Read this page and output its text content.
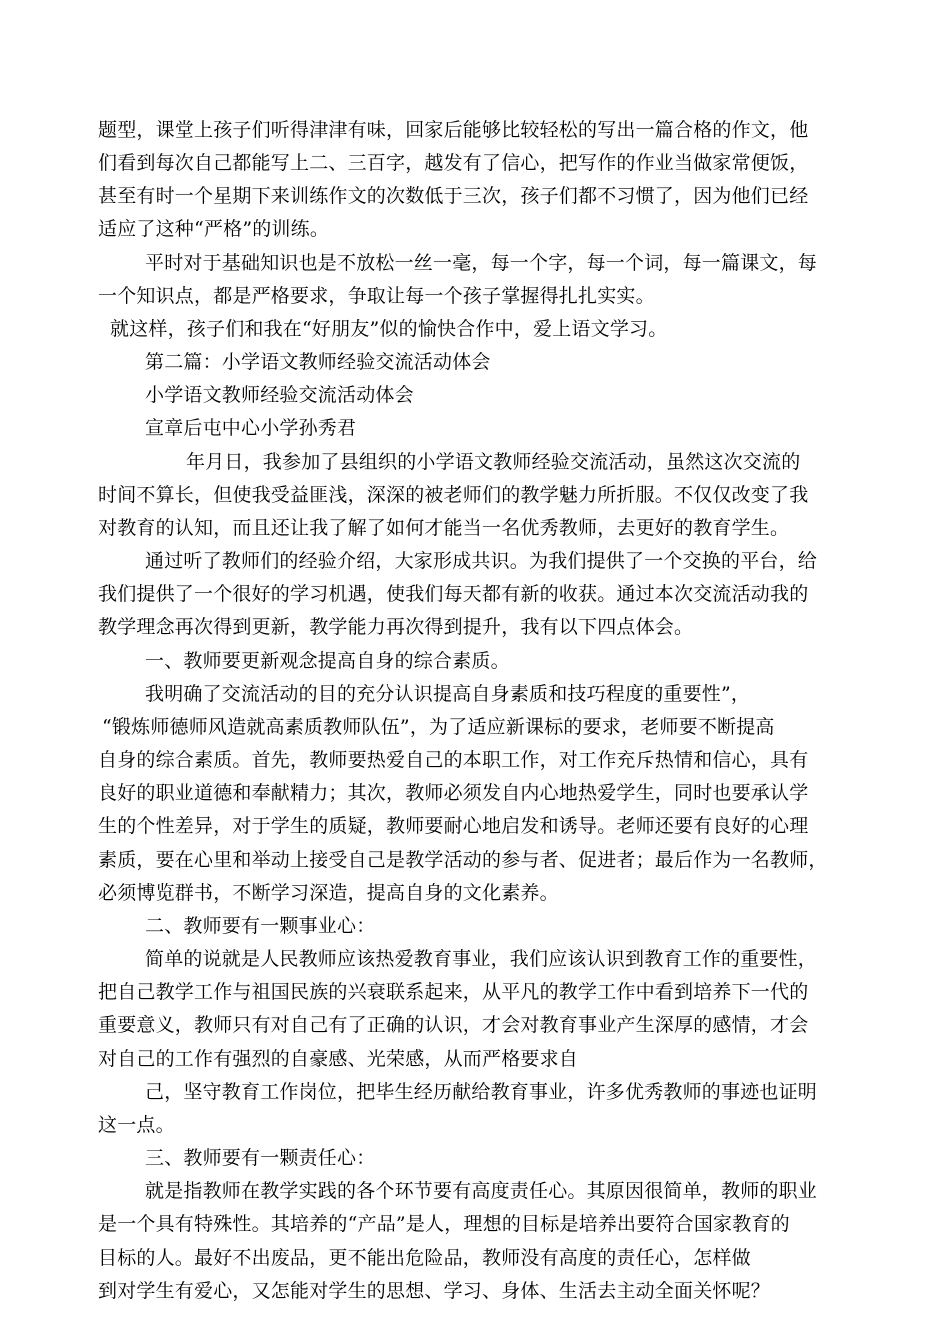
题型，课堂上孩子们听得津津有味，回家后能够比较轻松的写出一篇合格的作文，他
们看到每次自己都能写上二、三百字，越发有了信心，把写作的作业当做家常便饭，
甚至有时一个星期下来训练作文的次数低于三次，孩子们都不习惯了，因为他们已经
适应了这种“严格”的训练。
平时对于基础知识也是不放松一丝一毫，每一个字，每一个词，每一篇课文，每
一个知识点，都是严格要求，争取让每一个孩子掌握得扎扎实实。
就这样，孩子们和我在“好朋友”似的愉快合作中，爱上语文学习。
第二篇：小学语文教师经验交流活动体会
小学语文教师经验交流活动体会
宣章后屯中心小学孙秀君
年月日，我参加了县组织的小学语文教师经验交流活动，虽然这次交流的
时间不算长，但使我受益匪浅，深深的被老师们的教学魅力所折服。不仅仅改变了我
对教育的认知，而且还让我了解了如何才能当一名优秀教师，去更好的教育学生。
通过听了教师们的经验介绍，大家形成共识。为我们提供了一个交换的平台，给
我们提供了一个很好的学习机遇，使我们每天都有新的收获。通过本次交流活动我的
教学理念再次得到更新，教学能力再次得到提升，我有以下四点体会。
一、教师要更新观念提高自身的综合素质。
我明确了交流活动的目的充分认识提高自身素质和技巧程度的重要性”，
“锻炼师德师风造就高素质教师队伍”，为了适应新课标的要求，老师要不断提高
自身的综合素质。首先，教师要热爱自己的本职工作，对工作充斥热情和信心，具有
良好的职业道德和奉献精力；其次，教师必须发自内心地热爱学生，同时也要承认学
生的个性差异，对于学生的质疑，教师要耐心地启发和诱导。老师还要有良好的心理
素质，要在心里和举动上接受自己是教学活动的参与者、促进者；最后作为一名教师，
必须博览群书，不断学习深造，提高自身的文化素养。
二、教师要有一颗事业心：
简单的说就是人民教师应该热爱教育事业，我们应该认识到教育工作的重要性，
把自己教学工作与祖国民族的兴衰联系起来，从平凡的教学工作中看到培养下一代的
重要意义，教师只有对自己有了正确的认识，才会对教育事业产生深厚的感情，才会
对自己的工作有强烈的自豪感、光荣感，从而严格要求自
己，坚守教育工作岗位，把毕生经历献给教育事业，许多优秀教师的事迹也证明
这一点。
三、教师要有一颗责任心：
就是指教师在教学实践的各个环节要有高度责任心。其原因很简单，教师的职业
是一个具有特殊性。其培养的“产品”是人，理想的目标是培养出要符合国家教育的
目标的人。最好不出废品，更不能出危险品，教师没有高度的责任心，怎样做
到对学生有爱心，又怎能对学生的思想、学习、身体、生活去主动全面关怀呢？
